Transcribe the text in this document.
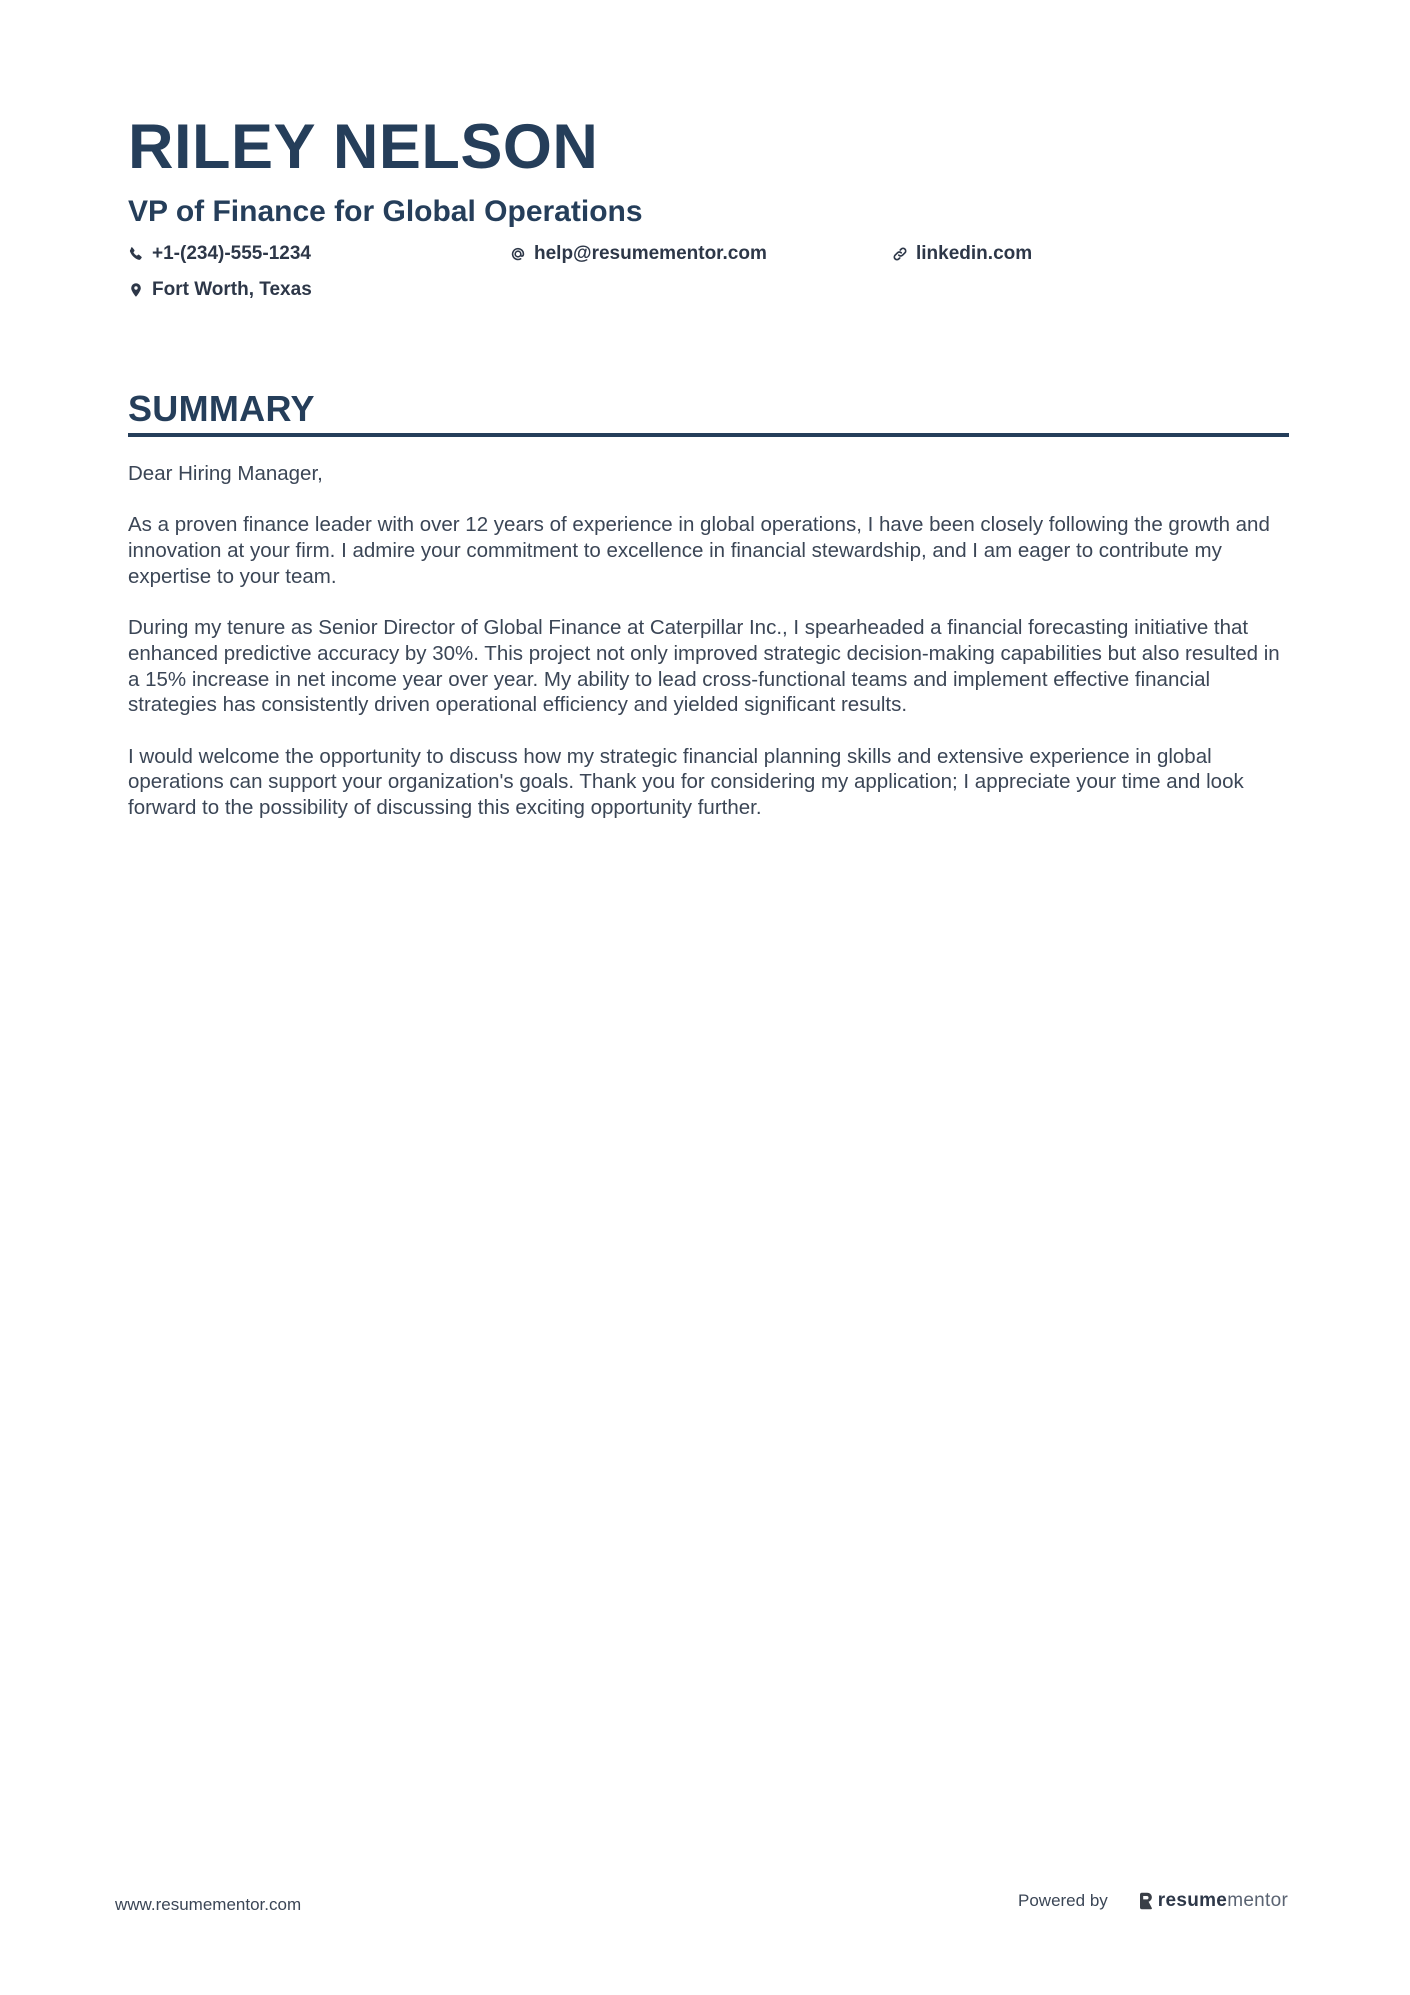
RILEY NELSON
VP of Finance for Global Operations
+1-(234)-555-1234	help@resumementor.com	linkedin.com
Fort Worth, Texas
SUMMARY

Dear Hiring Manager,

As a proven finance leader with over 12 years of experience in global operations, I have been closely following the growth and innovation at your firm. I admire your commitment to excellence in financial stewardship, and I am eager to contribute my expertise to your team.

During my tenure as Senior Director of Global Finance at Caterpillar Inc., I spearheaded a financial forecasting initiative that enhanced predictive accuracy by 30%. This project not only improved strategic decision-making capabilities but also resulted in a 15% increase in net income year over year. My ability to lead cross-functional teams and implement effective financial strategies has consistently driven operational efficiency and yielded significant results.

I would welcome the opportunity to discuss how my strategic financial planning skills and extensive experience in global operations can support your organization's goals. Thank you for considering my application; I appreciate your time and look forward to the possibility of discussing this exciting opportunity further.

www.resumementor.com	Powered by	resume mentor
